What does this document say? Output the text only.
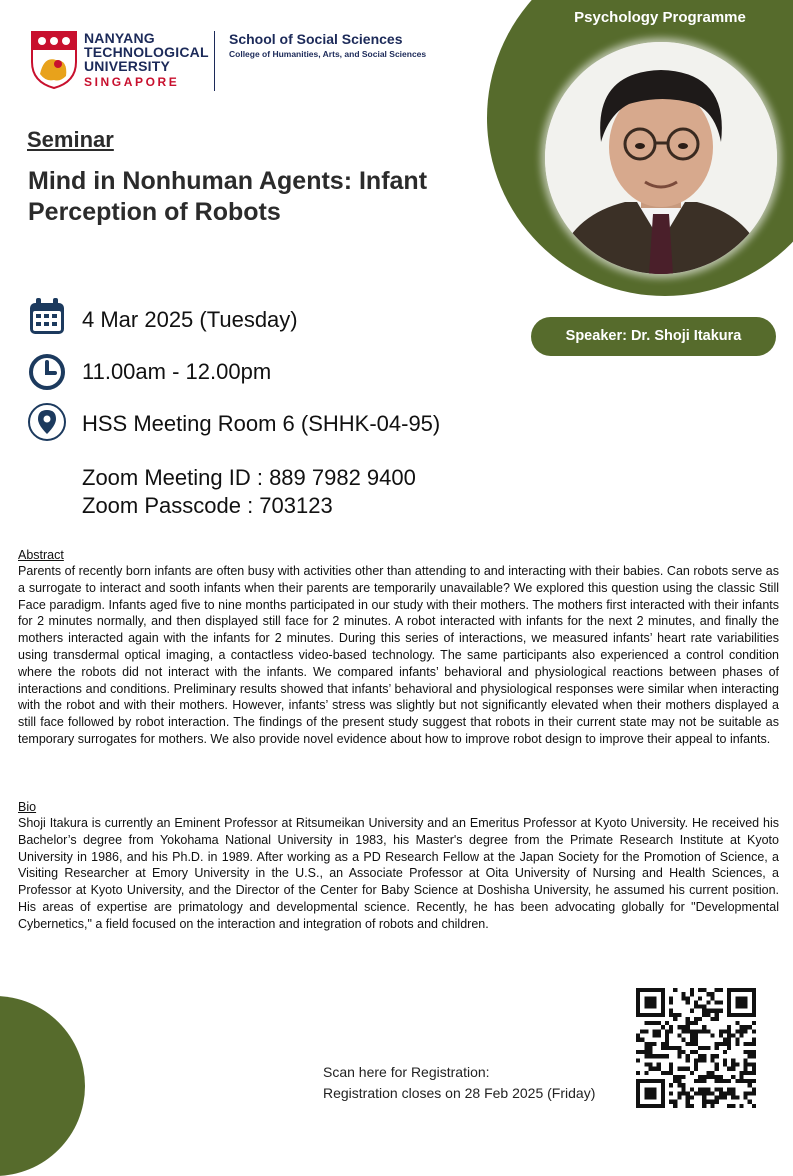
Psychology Programme
NANYANG
TECHNOLOGICAL
UNIVERSITY
SINGAPORE
School of Social Sciences
College of Humanities, Arts, and Social Sciences
Seminar
Mind in Nonhuman Agents: Infant Perception of Robots
4 Mar 2025 (Tuesday)
11.00am - 12.00pm
HSS Meeting Room 6 (SHHK-04-95)
Zoom Meeting ID : 889 7982 9400
Zoom Passcode : 703123
Speaker: Dr. Shoji Itakura
Abstract
Parents of recently born infants are often busy with activities other than attending to and interacting with their babies. Can robots serve as a surrogate to interact and sooth infants when their parents are temporarily unavailable? We explored this question using the classic Still Face paradigm. Infants aged five to nine months participated in our study with their mothers. The mothers first interacted with their infants for 2 minutes normally, and then displayed still face for 2 minutes. A robot interacted with infants for the next 2 minutes, and finally the mothers interacted again with the infants for 2 minutes. During this series of interactions, we measured infants’ heart rate variabilities using transdermal optical imaging, a contactless video-based technology. The same participants also experienced a control condition where the robots did not interact with the infants. We compared infants’ behavioral and physiological reactions between phases of interactions and conditions. Preliminary results showed that infants’ behavioral and physiological responses were similar when interacting with the robot and with their mothers. However, infants’ stress was slightly but not significantly elevated when their mothers displayed a still face followed by robot interaction. The findings of the present study suggest that robots in their current state may not be suitable as temporary surrogates for mothers. We also provide novel evidence about how to improve robot design to improve their appeal to infants.
Bio
Shoji Itakura is currently an Eminent Professor at Ritsumeikan University and an Emeritus Professor at Kyoto University. He received his Bachelor’s degree from Yokohama National University in 1983, his Master's degree from the Primate Research Institute at Kyoto University in 1986, and his Ph.D. in 1989. After working as a PD Research Fellow at the Japan Society for the Promotion of Science, a Visiting Researcher at Emory University in the U.S., an Associate Professor at Oita University of Nursing and Health Sciences, a Professor at Kyoto University, and the Director of the Center for Baby Science at Doshisha University, he assumed his current position. His areas of expertise are primatology and developmental science. Recently, he has been advocating globally for "Developmental Cybernetics," a field focused on the interaction and integration of robots and children.
Scan here for Registration:
Registration closes on 28 Feb 2025 (Friday)
